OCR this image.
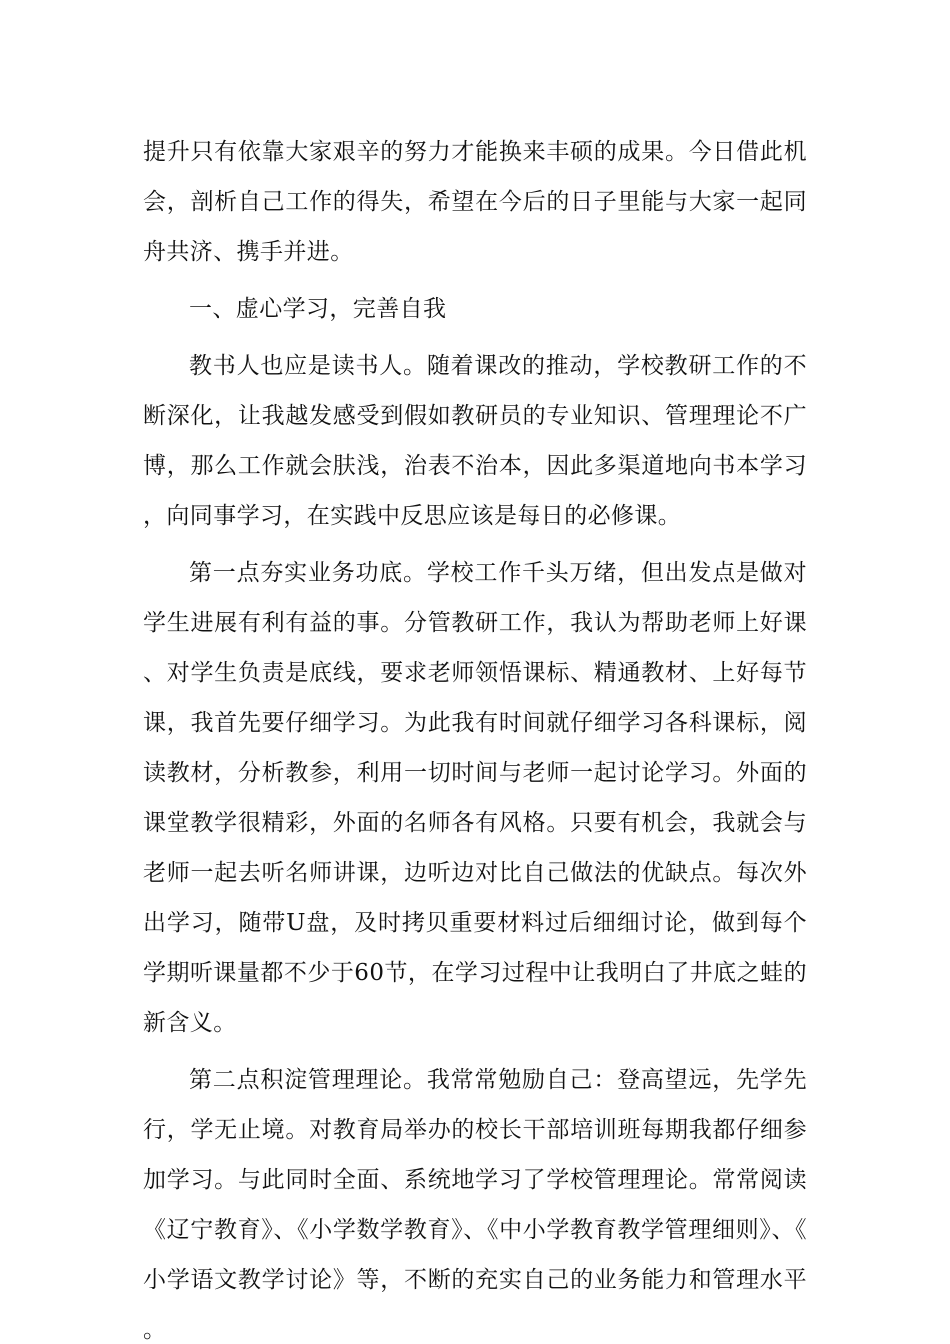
提升只有依靠大家艰辛的努力才能换来丰硕的成果。今日借此机会，剖析自己工作的得失，希望在今后的日子里能与大家一起同舟共济、携手并进。

一、虚心学习，完善自我

教书人也应是读书人。随着课改的推动，学校教研工作的不断深化，让我越发感受到假如教研员的专业知识、管理理论不广博，那么工作就会肤浅，治表不治本，因此多渠道地向书本学习，向同事学习，在实践中反思应该是每日的必修课。

第一点夯实业务功底。学校工作千头万绪，但出发点是做对学生进展有利有益的事。分管教研工作，我认为帮助老师上好课、对学生负责是底线，要求老师领悟课标、精通教材、上好每节课，我首先要仔细学习。为此我有时间就仔细学习各科课标，阅读教材，分析教参，利用一切时间与老师一起讨论学习。外面的课堂教学很精彩，外面的名师各有风格。只要有机会，我就会与老师一起去听名师讲课，边听边对比自己做法的优缺点。每次外出学习，随带U盘，及时拷贝重要材料过后细细讨论，做到每个学期听课量都不少于60节，在学习过程中让我明白了井底之蛙的新含义。

第二点积淀管理理论。我常常勉励自己：登高望远，先学先行，学无止境。对教育局举办的校长干部培训班每期我都仔细参加学习。与此同时全面、系统地学习了学校管理理论。常常阅读《辽宁教育》、《小学数学教育》、《中小学教育教学管理细则》、《小学语文教学讨论》等，不断的充实自己的业务能力和管理水平。
